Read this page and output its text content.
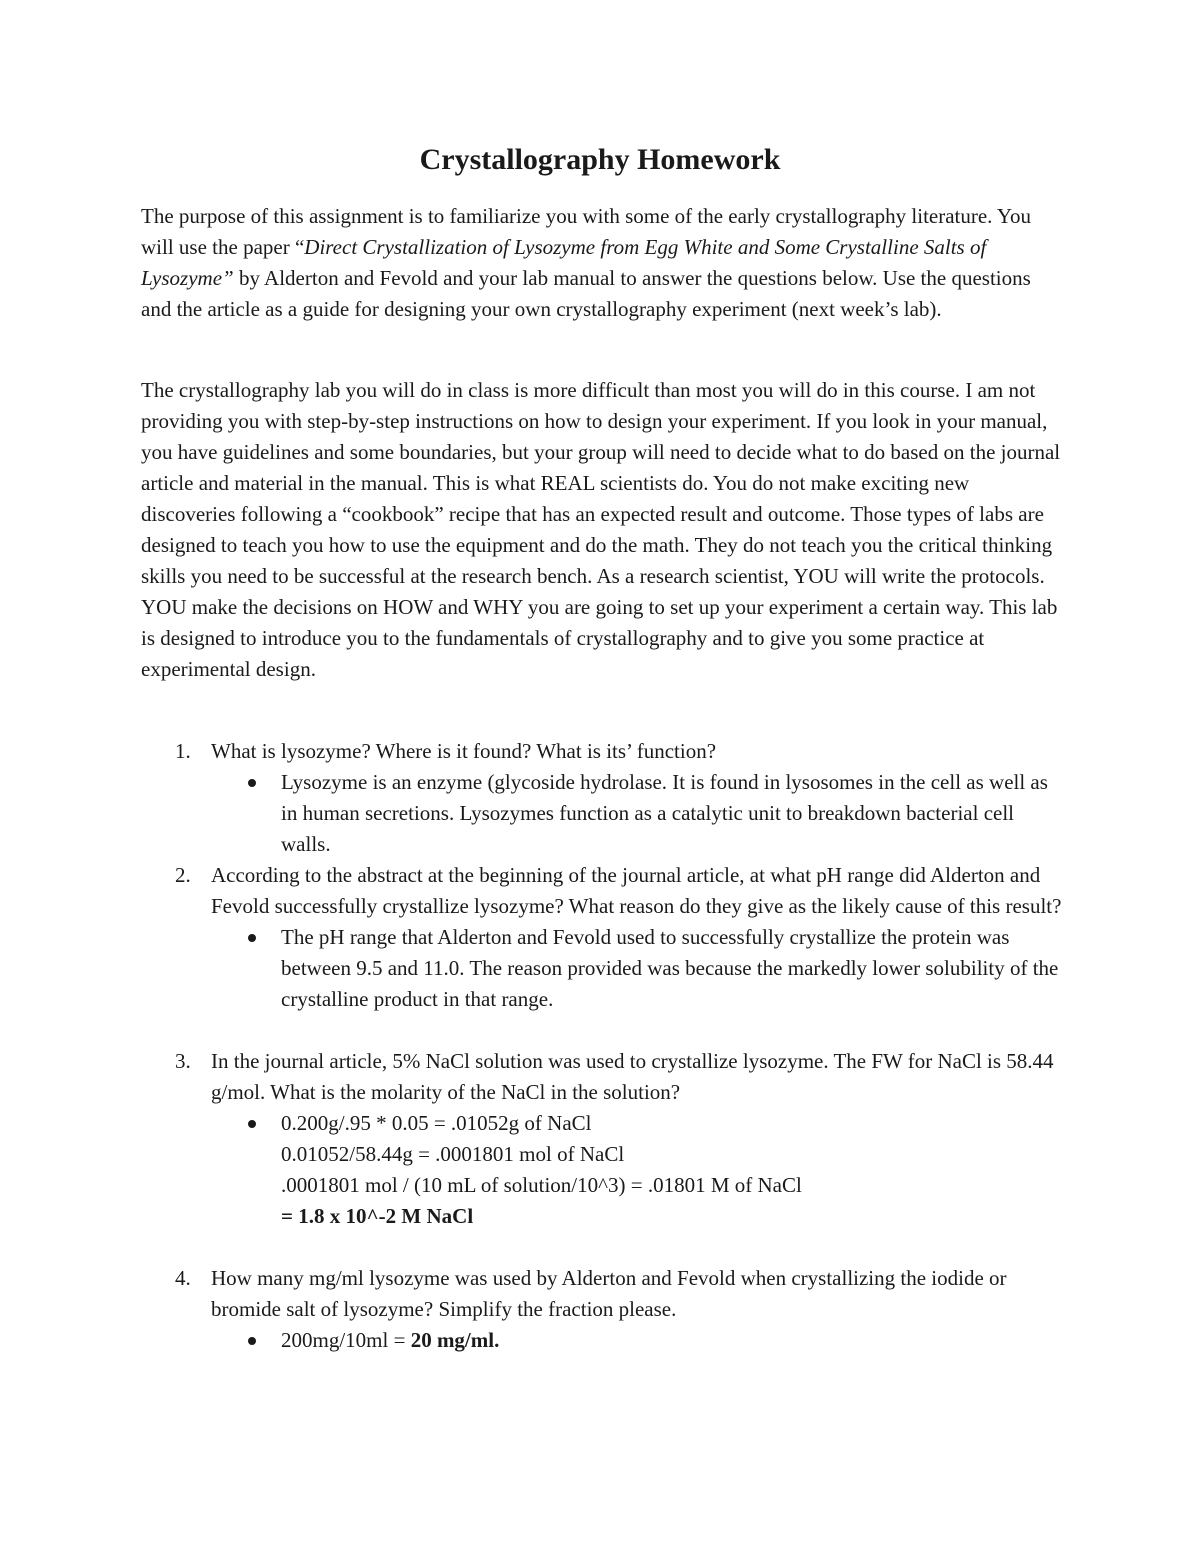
Crystallography Homework

The purpose of this assignment is to familiarize you with some of the early crystallography literature. You will use the paper “Direct Crystallization of Lysozyme from Egg White and Some Crystalline Salts of Lysozyme” by Alderton and Fevold and your lab manual to answer the questions below. Use the questions and the article as a guide for designing your own crystallography experiment (next week’s lab).

The crystallography lab you will do in class is more difficult than most you will do in this course. I am not providing you with step-by-step instructions on how to design your experiment. If you look in your manual, you have guidelines and some boundaries, but your group will need to decide what to do based on the journal article and material in the manual. This is what REAL scientists do. You do not make exciting new discoveries following a “cookbook” recipe that has an expected result and outcome. Those types of labs are designed to teach you how to use the equipment and do the math. They do not teach you the critical thinking skills you need to be successful at the research bench. As a research scientist, YOU will write the protocols. YOU make the decisions on HOW and WHY you are going to set up your experiment a certain way. This lab is designed to introduce you to the fundamentals of crystallography and to give you some practice at experimental design.

1. What is lysozyme? Where is it found? What is its’ function?
Lysozyme is an enzyme (glycoside hydrolase. It is found in lysosomes in the cell as well as in human secretions. Lysozymes function as a catalytic unit to breakdown bacterial cell walls.
2. According to the abstract at the beginning of the journal article, at what pH range did Alderton and Fevold successfully crystallize lysozyme? What reason do they give as the likely cause of this result?
The pH range that Alderton and Fevold used to successfully crystallize the protein was between 9.5 and 11.0. The reason provided was because the markedly lower solubility of the crystalline product in that range.
3. In the journal article, 5% NaCl solution was used to crystallize lysozyme. The FW for NaCl is 58.44 g/mol. What is the molarity of the NaCl in the solution?
0.200g/.95 * 0.05 = .01052g of NaCl
0.01052/58.44g = .0001801 mol of NaCl
.0001801 mol / (10 mL of solution/10^3) = .01801 M of NaCl
= 1.8 x 10^-2 M NaCl
4. How many mg/ml lysozyme was used by Alderton and Fevold when crystallizing the iodide or bromide salt of lysozyme? Simplify the fraction please.
200mg/10ml = 20 mg/ml.
